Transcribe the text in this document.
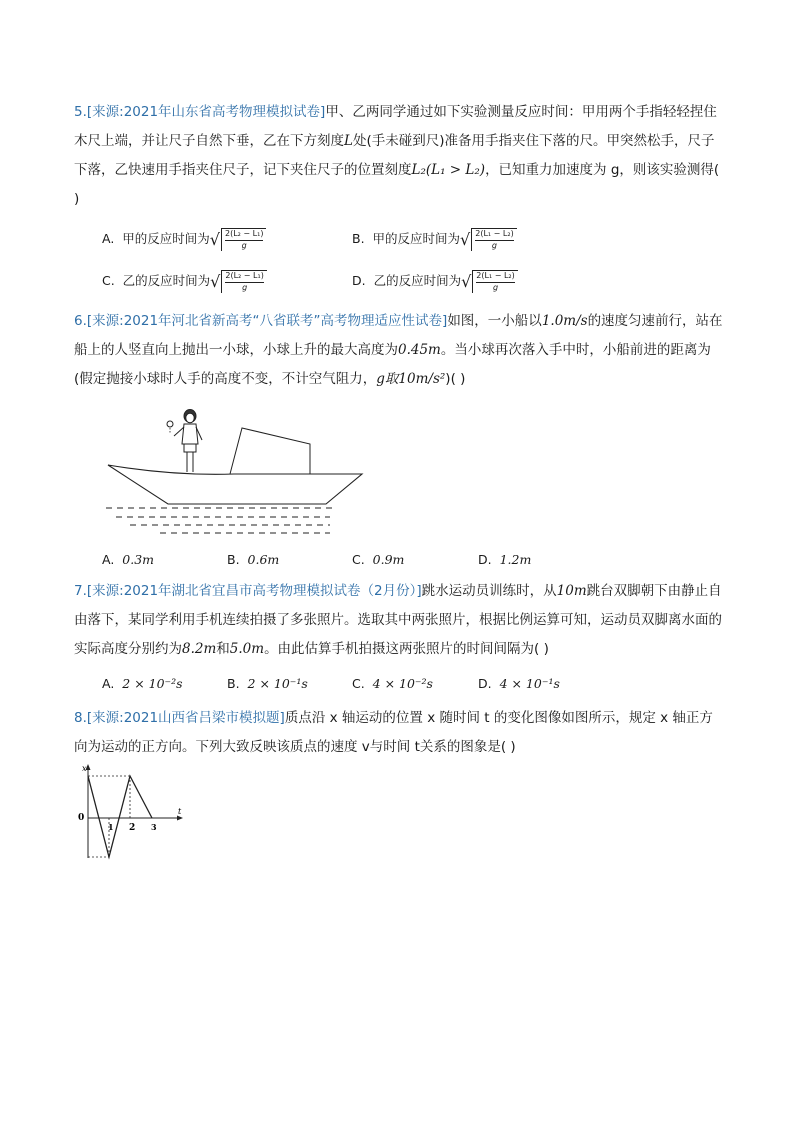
5.[来源:2021年山东省高考物理模拟试卷]甲、乙两同学通过如下实验测量反应时间：甲用两个手指轻轻捏住木尺上端，并让尺子自然下垂，乙在下方刻度L处(手未碰到尺)准备用手指夹住下落的尺。甲突然松手，尺子下落，乙快速用手指夹住尺子，记下夹住尺子的位置刻度L₂(L₁ > L₂)，已知重力加速度为 g，则该实验测得( )
A. 甲的反应时间为√ $\frac{\text{2(L₂ − L₁)}}{g}$	B. 甲的反应时间为√ $\frac{\text{2(L₁ − L₂)}}{g}$
C. 乙的反应时间为√ $\frac{\text{2(L₂ − L₁)}}{g}$	D. 乙的反应时间为√ $\frac{\text{2(L₁ − L₂)}}{g}$
6.[来源:2021年河北省新高考“八省联考”高考物理适应性试卷]如图，一小船以1.0m/s的速度匀速前行，站在船上的人竖直向上抛出一小球，小球上升的最大高度为0.45m。当小球再次落入手中时，小船前进的距离为(假定抛接小球时人手的高度不变，不计空气阻力，g取10m/s²)( )
A. 0.3m	B. 0.6m	C. 0.9m	D. 1.2m
7.[来源:2021年湖北省宜昌市高考物理模拟试卷（2月份）]跳水运动员训练时，从10m跳台双脚朝下由静止自由落下，某同学利用手机连续拍摄了多张照片。选取其中两张照片，根据比例运算可知，运动员双脚离水面的实际高度分别约为8.2m和5.0m。由此估算手机拍摄这两张照片的时间间隔为( )
A. 2 × 10⁻²s	B. 2 × 10⁻¹s	C. 4 × 10⁻²s	D. 4 × 10⁻¹s
8.[来源:2021山西省吕梁市模拟题]质点沿 x 轴运动的位置 x 随时间 t 的变化图像如图所示，规定 x 轴正方向为运动的正方向。下列大致反映该质点的速度 v与时间 t关系的图象是( )
x
t
0
1 2 3
